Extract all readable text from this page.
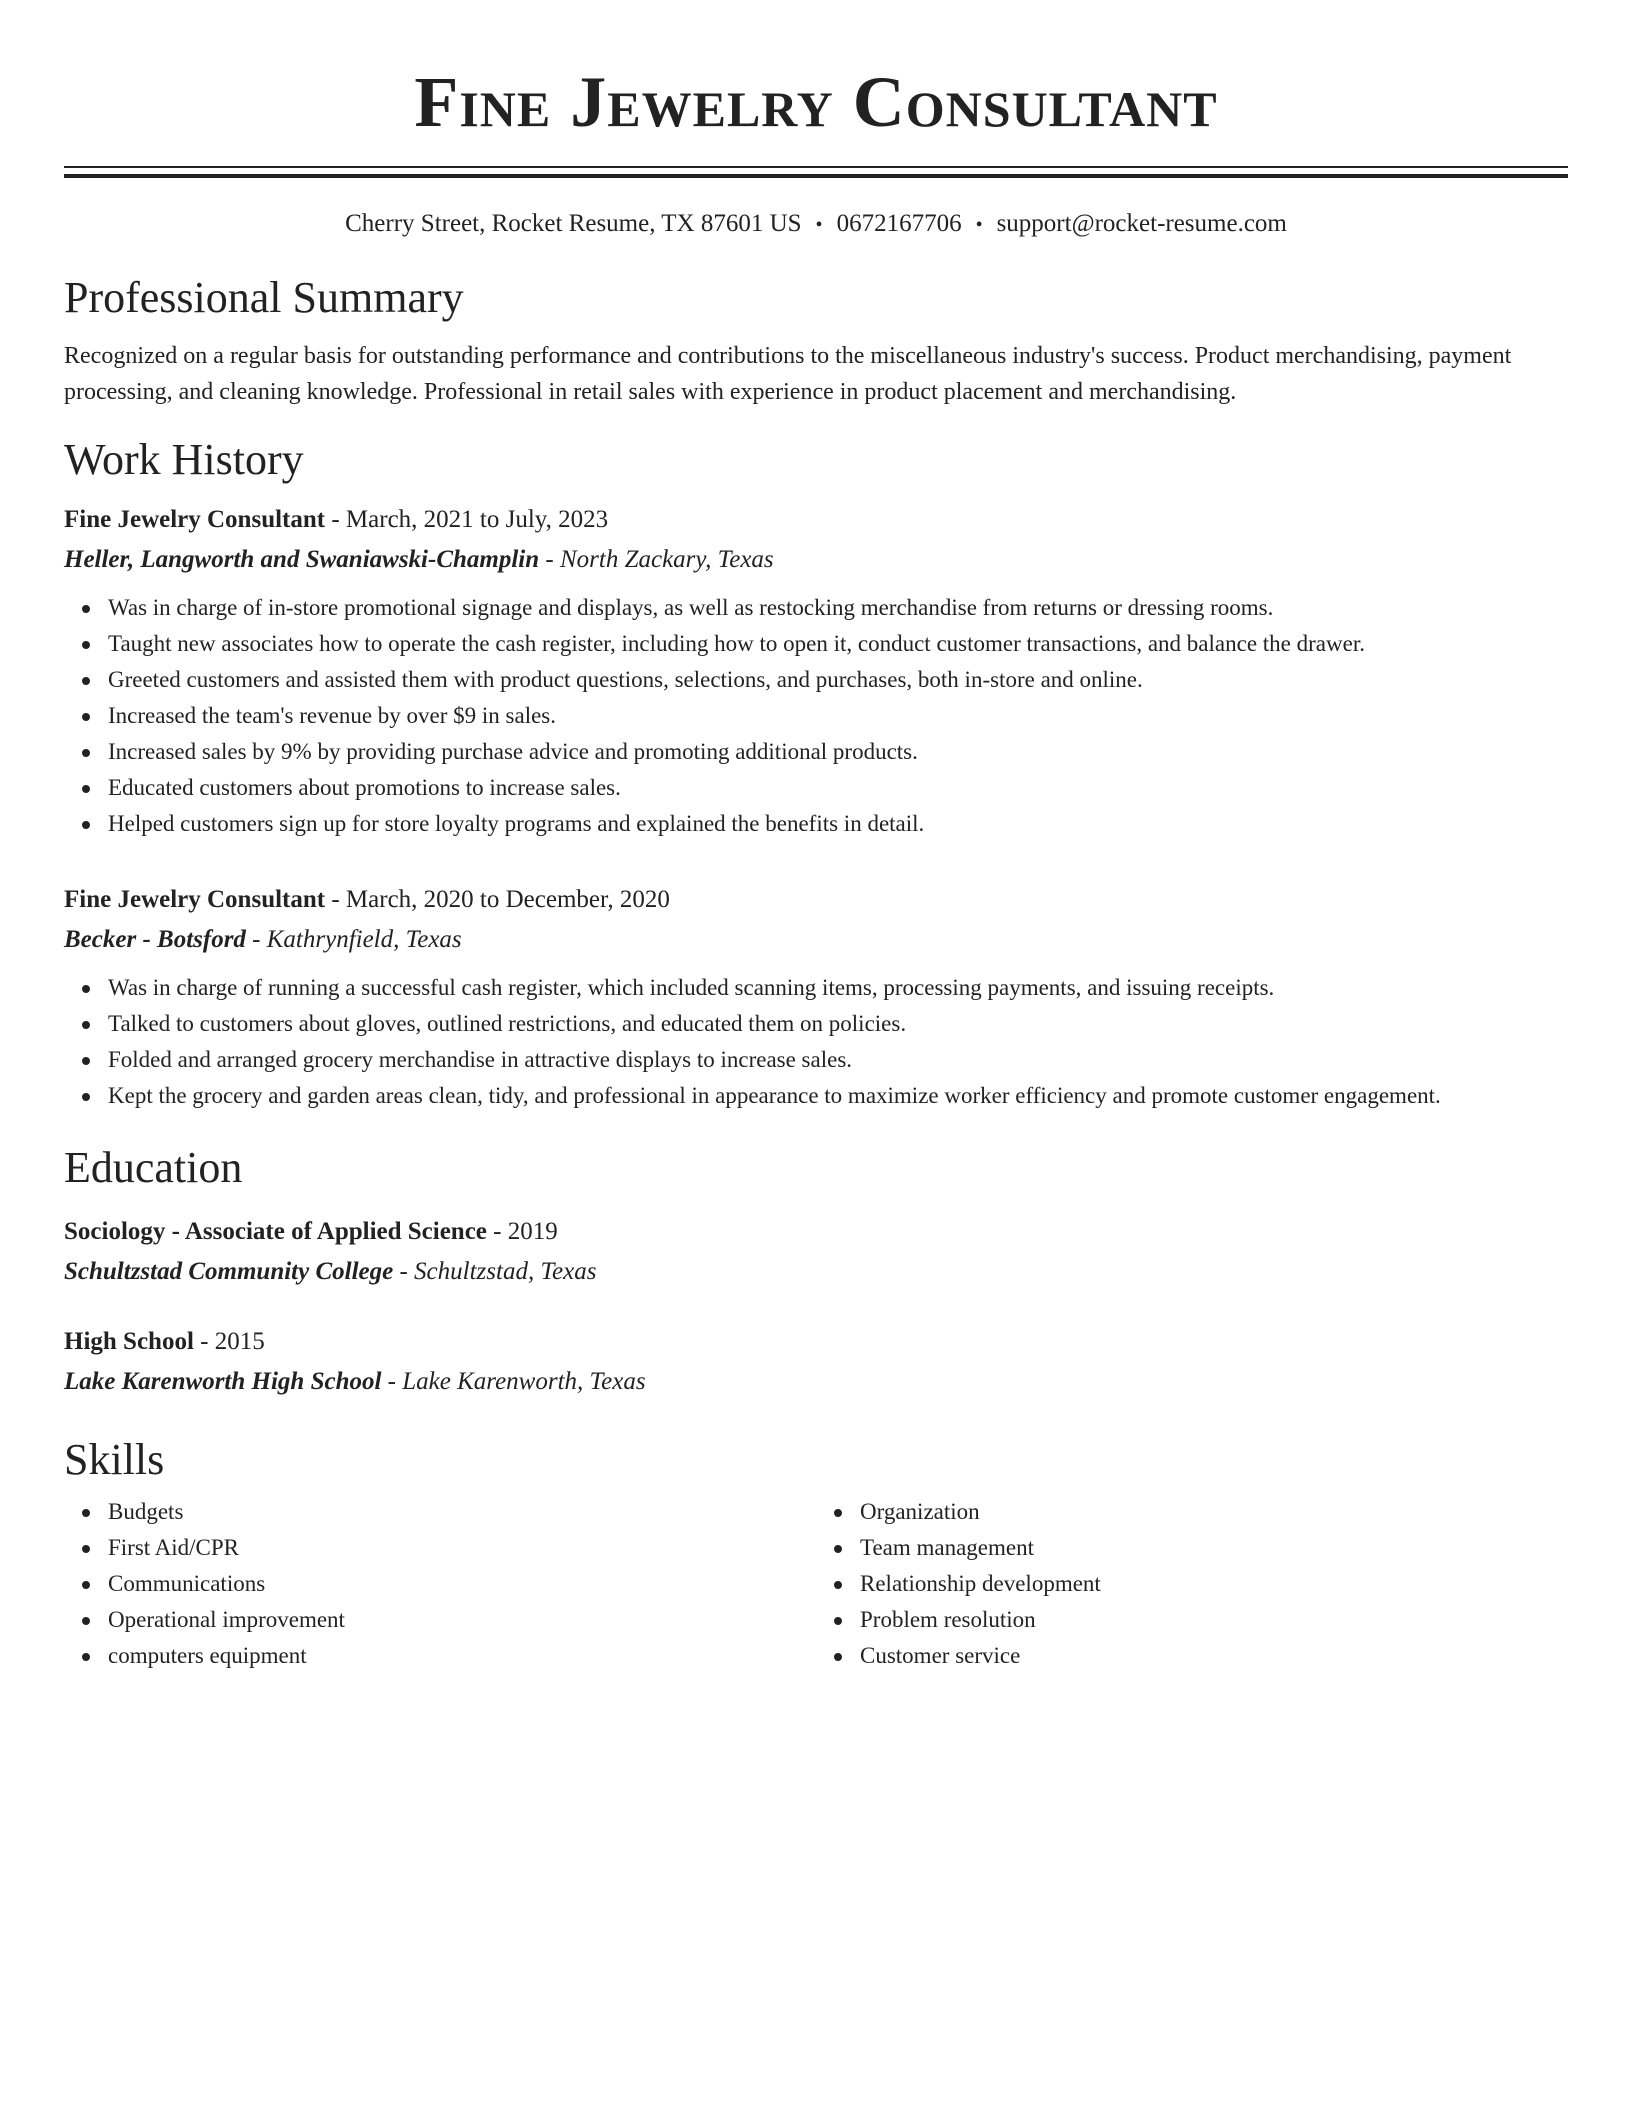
Fine Jewelry Consultant
Cherry Street, Rocket Resume, TX 87601 US • 0672167706 • support@rocket-resume.com
Professional Summary
Recognized on a regular basis for outstanding performance and contributions to the miscellaneous industry's success. Product merchandising, payment processing, and cleaning knowledge. Professional in retail sales with experience in product placement and merchandising.
Work History
Fine Jewelry Consultant - March, 2021 to July, 2023
Heller, Langworth and Swaniawski-Champlin - North Zackary, Texas
Was in charge of in-store promotional signage and displays, as well as restocking merchandise from returns or dressing rooms.
Taught new associates how to operate the cash register, including how to open it, conduct customer transactions, and balance the drawer.
Greeted customers and assisted them with product questions, selections, and purchases, both in-store and online.
Increased the team's revenue by over $9 in sales.
Increased sales by 9% by providing purchase advice and promoting additional products.
Educated customers about promotions to increase sales.
Helped customers sign up for store loyalty programs and explained the benefits in detail.
Fine Jewelry Consultant - March, 2020 to December, 2020
Becker - Botsford - Kathrynfield, Texas
Was in charge of running a successful cash register, which included scanning items, processing payments, and issuing receipts.
Talked to customers about gloves, outlined restrictions, and educated them on policies.
Folded and arranged grocery merchandise in attractive displays to increase sales.
Kept the grocery and garden areas clean, tidy, and professional in appearance to maximize worker efficiency and promote customer engagement.
Education
Sociology - Associate of Applied Science - 2019
Schultzstad Community College - Schultzstad, Texas
High School - 2015
Lake Karenworth High School - Lake Karenworth, Texas
Skills
Budgets
First Aid/CPR
Communications
Operational improvement
computers equipment
Organization
Team management
Relationship development
Problem resolution
Customer service
